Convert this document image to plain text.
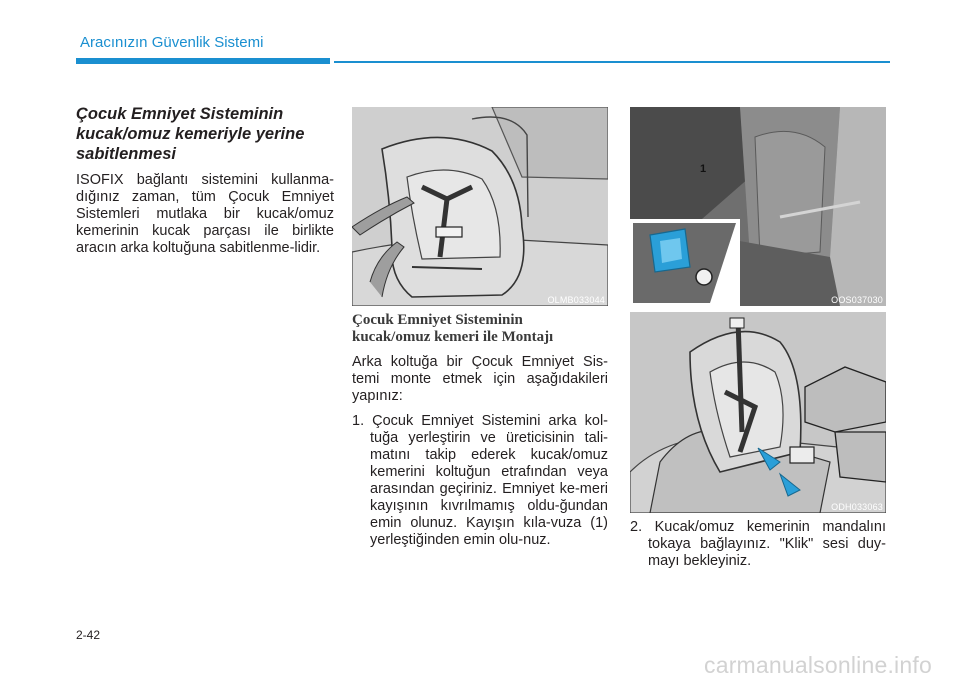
Aracınızın Güvenlik Sistemi
Çocuk Emniyet Sisteminin
kucak/omuz kemeriyle yerine
sabitlenmesi

ISOFIX bağlantı sistemini kullanma-dığınız zaman, tüm Çocuk Emniyet Sistemleri mutlaka bir kucak/omuz kemerinin kucak parçası ile birlikte aracın arka koltuğuna sabitlenme-lidir.

OLMB033044
1
OOS037030
ODH033063
Çocuk Emniyet Sisteminin
kucak/omuz kemeri ile Montajı

Arka koltuğa bir Çocuk Emniyet Sis-temi monte etmek için aşağıdakileri yapınız:

1. Çocuk Emniyet Sistemini arka kol-tuğa yerleştirin ve üreticisinin tali-matını takip ederek kucak/omuz kemerini koltuğun etrafından veya arasından geçiriniz. Emniyet ke-meri kayışının kıvrılmamış oldu-ğundan emin olunuz. Kayışın kıla-vuza (1) yerleştiğinden emin olu-nuz.
2. Kucak/omuz kemerinin mandalını tokaya bağlayınız. "Klik" sesi duy-mayı bekleyiniz.
2-42
carmanualsonline.info
